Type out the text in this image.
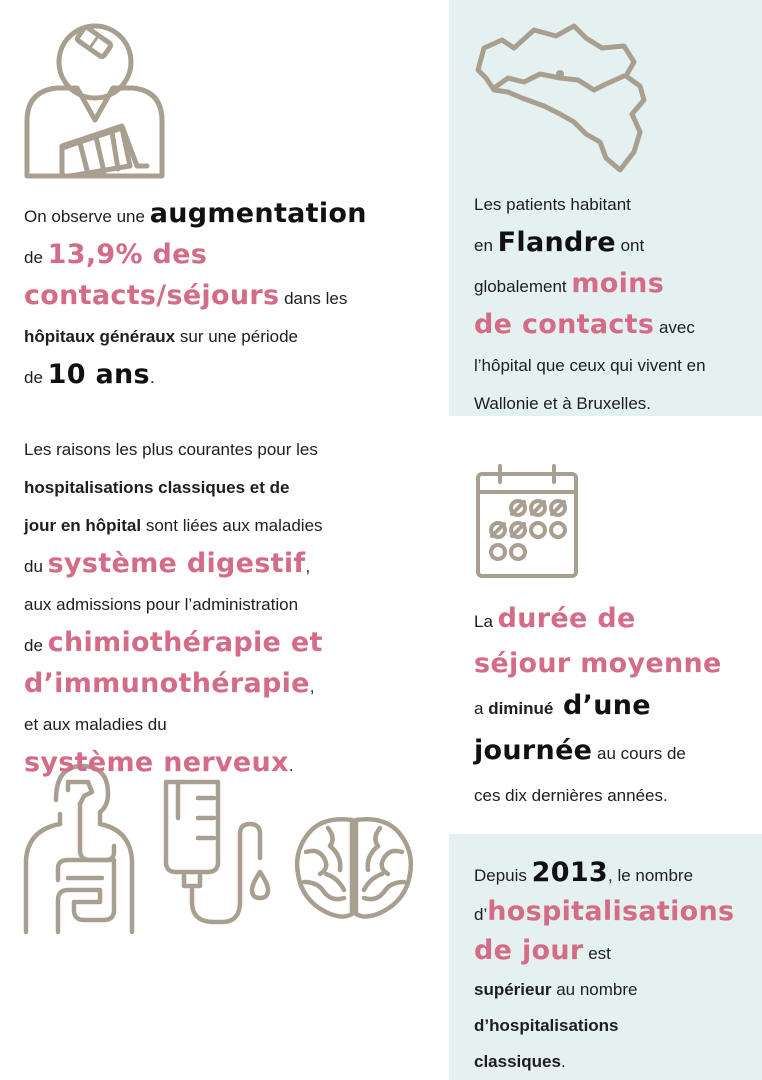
On observe une augmentation
de 13,9% des
contacts/séjours dans les
hôpitaux généraux sur une période
de 10 ans.
Les patients habitant
en Flandre ont
globalement moins
de contacts avec
l’hôpital que ceux qui vivent en
Wallonie et à Bruxelles.
Les raisons les plus courantes pour les
hospitalisations classiques et de
jour en hôpital sont liées aux maladies
du système digestif,
aux admissions pour l’administration
de chimiothérapie et
d’immunothérapie,
et aux maladies du
système nerveux.
La durée de
séjour moyenne
a diminué d’une
journée au cours de
ces dix dernières années.
Depuis 2013, le nombre
d’hospitalisations
de jour est
supérieur au nombre
d’hospitalisations
classiques.
